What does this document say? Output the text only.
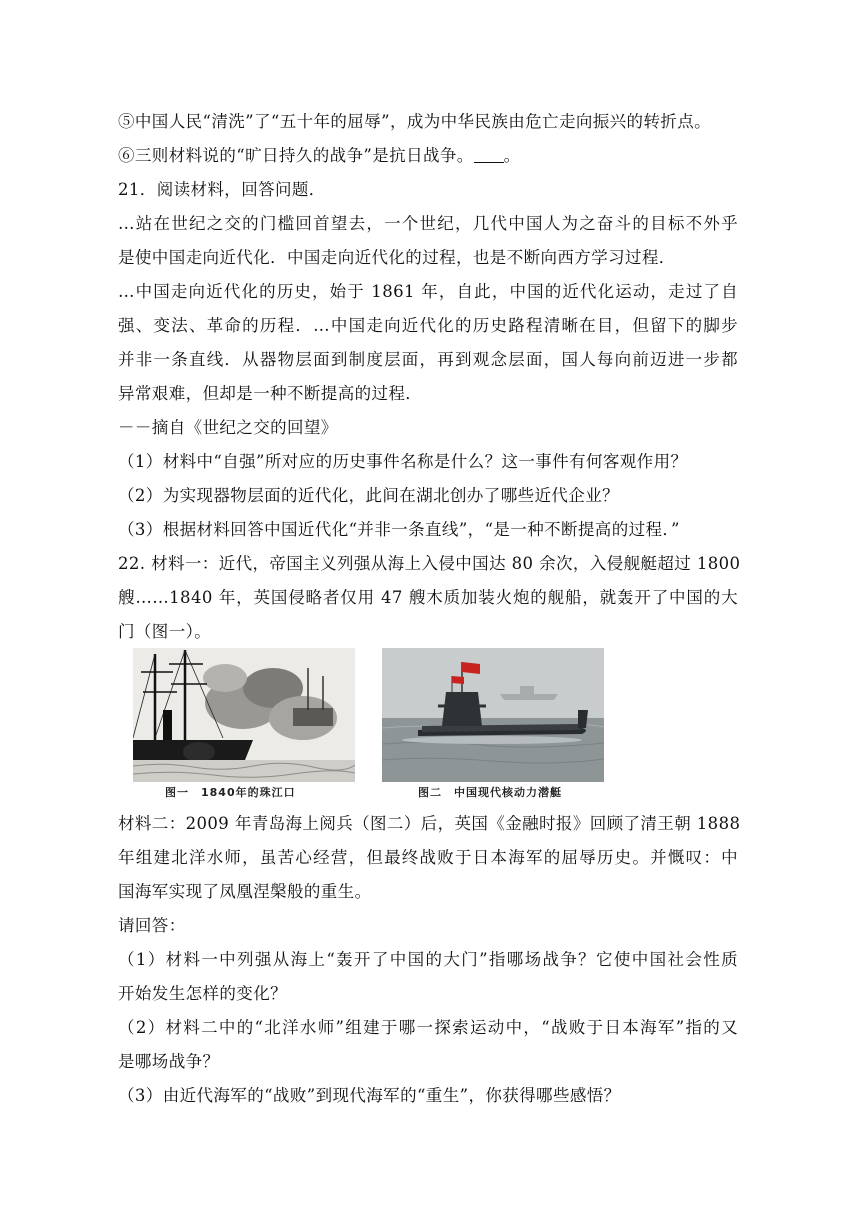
⑤中国人民“清洗”了“五十年的屈辱”，成为中华民族由危亡走向振兴的转折点。
⑥三则材料说的“旷日持久的战争”是抗日战争。 。
21．阅读材料，回答问题．
…站在世纪之交的门槛回首望去，一个世纪，几代中国人为之奋斗的目标不外乎
是使中国走向近代化．中国走向近代化的过程，也是不断向西方学习过程．
…中国走向近代化的历史，始于 1861 年，自此，中国的近代化运动，走过了自
强、变法、革命的历程．…中国走向近代化的历史路程清晰在目，但留下的脚步
并非一条直线．从器物层面到制度层面，再到观念层面，国人每向前迈进一步都
异常艰难，但却是一种不断提高的过程．
－－摘自《世纪之交的回望》
（1）材料中“自强”所对应的历史事件名称是什么？这一事件有何客观作用？
（2）为实现器物层面的近代化，此间在湖北创办了哪些近代企业？
（3）根据材料回答中国近代化“并非一条直线”，“是一种不断提高的过程．”
22. 材料一：近代，帝国主义列强从海上入侵中国达 80 余次，入侵舰艇超过 1800
艘……1840 年，英国侵略者仅用 47 艘木质加装火炮的舰船，就轰开了中国的大
门（图一）。
图一　1840年的珠江口	图二　中国现代核动力潜艇
材料二：2009 年青岛海上阅兵（图二）后，英国《金融时报》回顾了清王朝 1888
年组建北洋水师，虽苦心经营，但最终战败于日本海军的屈辱历史。并慨叹：中
国海军实现了凤凰涅槃般的重生。
请回答：
（1）材料一中列强从海上“轰开了中国的大门”指哪场战争？它使中国社会性质
开始发生怎样的变化？
（2）材料二中的“北洋水师”组建于哪一探索运动中，“战败于日本海军”指的又
是哪场战争？
（3）由近代海军的“战败”到现代海军的“重生”，你获得哪些感悟？
